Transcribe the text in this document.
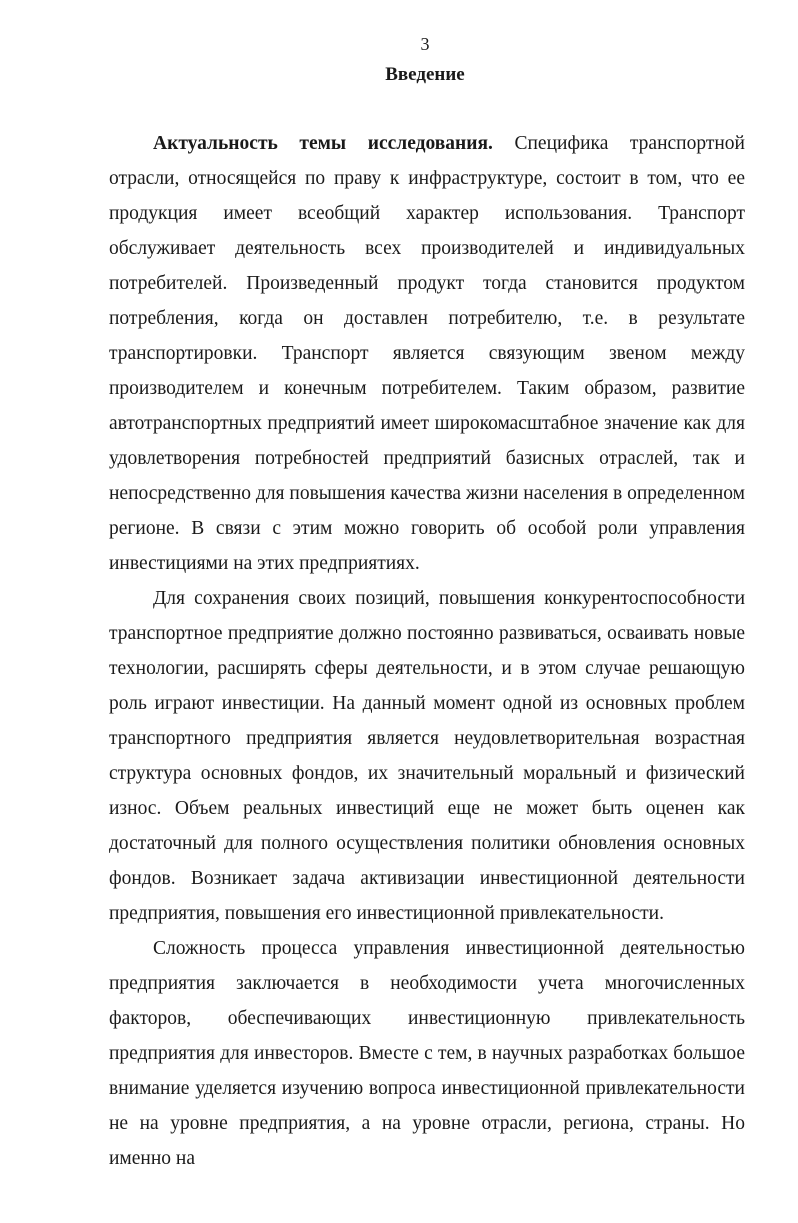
3
Введение

Актуальность темы исследования. Специфика транспортной отрасли, относящейся по праву к инфраструктуре, состоит в том, что ее продукция имеет всеобщий характер использования. Транспорт обслуживает деятельность всех производителей и индивидуальных потребителей. Произведенный продукт тогда становится продуктом потребления, когда он доставлен потребителю, т.е. в результате транспортировки. Транспорт является связующим звеном между производителем и конечным потребителем. Таким образом, развитие автотранспортных предприятий имеет широкомасштабное значение как для удовлетворения потребностей предприятий базисных отраслей, так и непосредственно для повышения качества жизни населения в определенном регионе. В связи с этим можно говорить об особой роли управления инвестициями на этих предприятиях.

Для сохранения своих позиций, повышения конкурентоспособности транспортное предприятие должно постоянно развиваться, осваивать новые технологии, расширять сферы деятельности, и в этом случае решающую роль играют инвестиции. На данный момент одной из основных проблем транспортного предприятия является неудовлетворительная возрастная структура основных фондов, их значительный моральный и физический износ. Объем реальных инвестиций еще не может быть оценен как достаточный для полного осуществления политики обновления основных фондов. Возникает задача активизации инвестиционной деятельности предприятия, повышения его инвестиционной привлекательности.

Сложность процесса управления инвестиционной деятельностью предприятия заключается в необходимости учета многочисленных факторов, обеспечивающих инвестиционную привлекательность предприятия для инвесторов. Вместе с тем, в научных разработках большое внимание уделяется изучению вопроса инвестиционной привлекательности не на уровне предприятия, а на уровне отрасли, региона, страны. Но именно на
